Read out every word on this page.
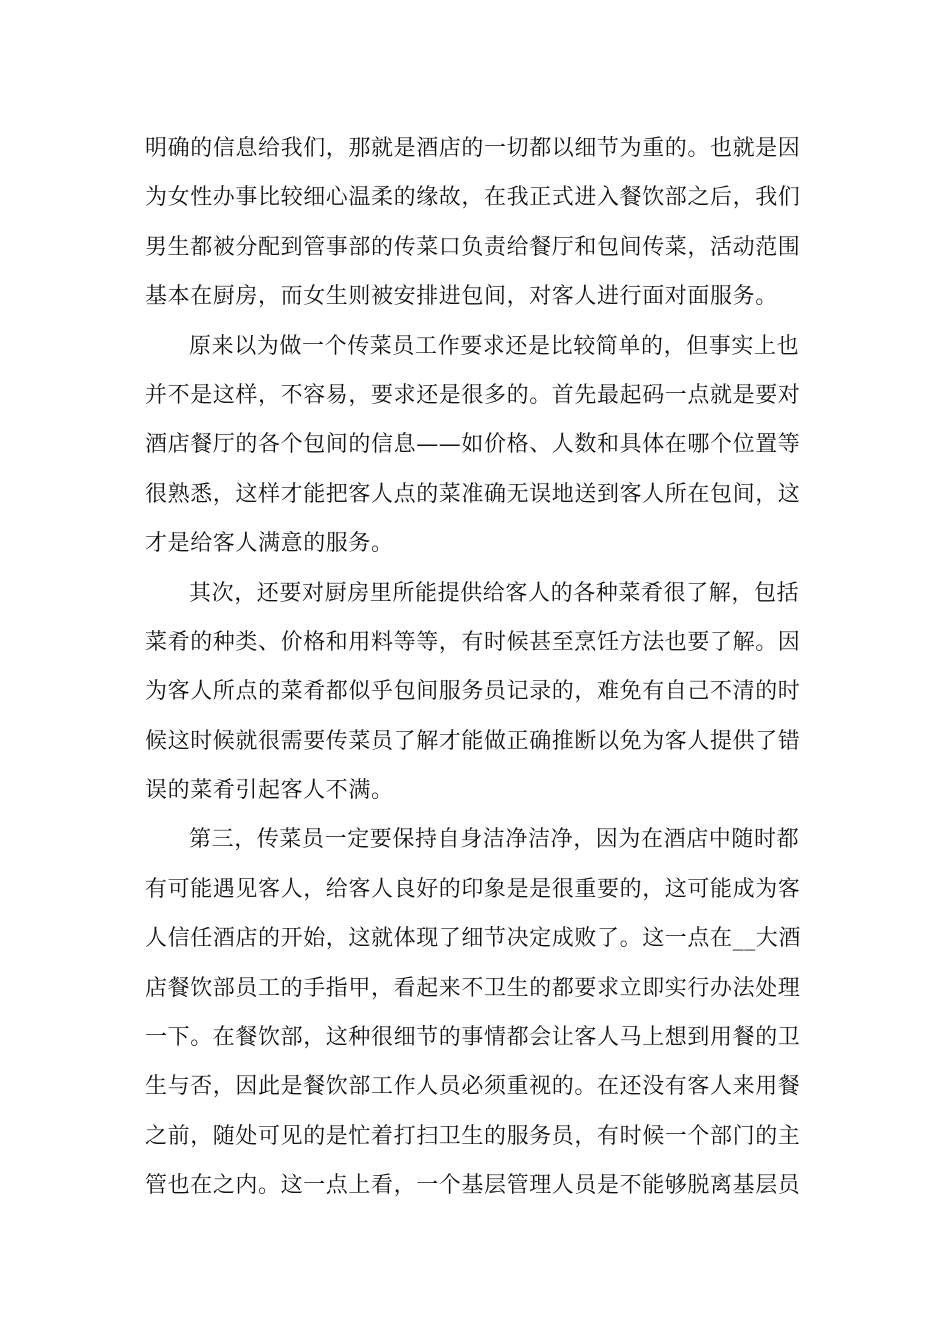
明确的信息给我们，那就是酒店的一切都以细节为重的。也就是因
为女性办事比较细心温柔的缘故，在我正式进入餐饮部之后，我们
男生都被分配到管事部的传菜口负责给餐厅和包间传菜，活动范围
基本在厨房，而女生则被安排进包间，对客人进行面对面服务。
原来以为做一个传菜员工作要求还是比较简单的，但事实上也
并不是这样，不容易，要求还是很多的。首先最起码一点就是要对
酒店餐厅的各个包间的信息——如价格、人数和具体在哪个位置等
很熟悉，这样才能把客人点的菜准确无误地送到客人所在包间，这
才是给客人满意的服务。
其次，还要对厨房里所能提供给客人的各种菜肴很了解，包括
菜肴的种类、价格和用料等等，有时候甚至烹饪方法也要了解。因
为客人所点的菜肴都似乎包间服务员记录的，难免有自己不清的时
候这时候就很需要传菜员了解才能做正确推断以免为客人提供了错
误的菜肴引起客人不满。
第三，传菜员一定要保持自身洁净洁净，因为在酒店中随时都
有可能遇见客人，给客人良好的印象是是很重要的，这可能成为客
人信任酒店的开始，这就体现了细节决定成败了。这一点在__大酒
店餐饮部员工的手指甲，看起来不卫生的都要求立即实行办法处理
一下。在餐饮部，这种很细节的事情都会让客人马上想到用餐的卫
生与否，因此是餐饮部工作人员必须重视的。在还没有客人来用餐
之前，随处可见的是忙着打扫卫生的服务员，有时候一个部门的主
管也在之内。这一点上看，一个基层管理人员是不能够脱离基层员
